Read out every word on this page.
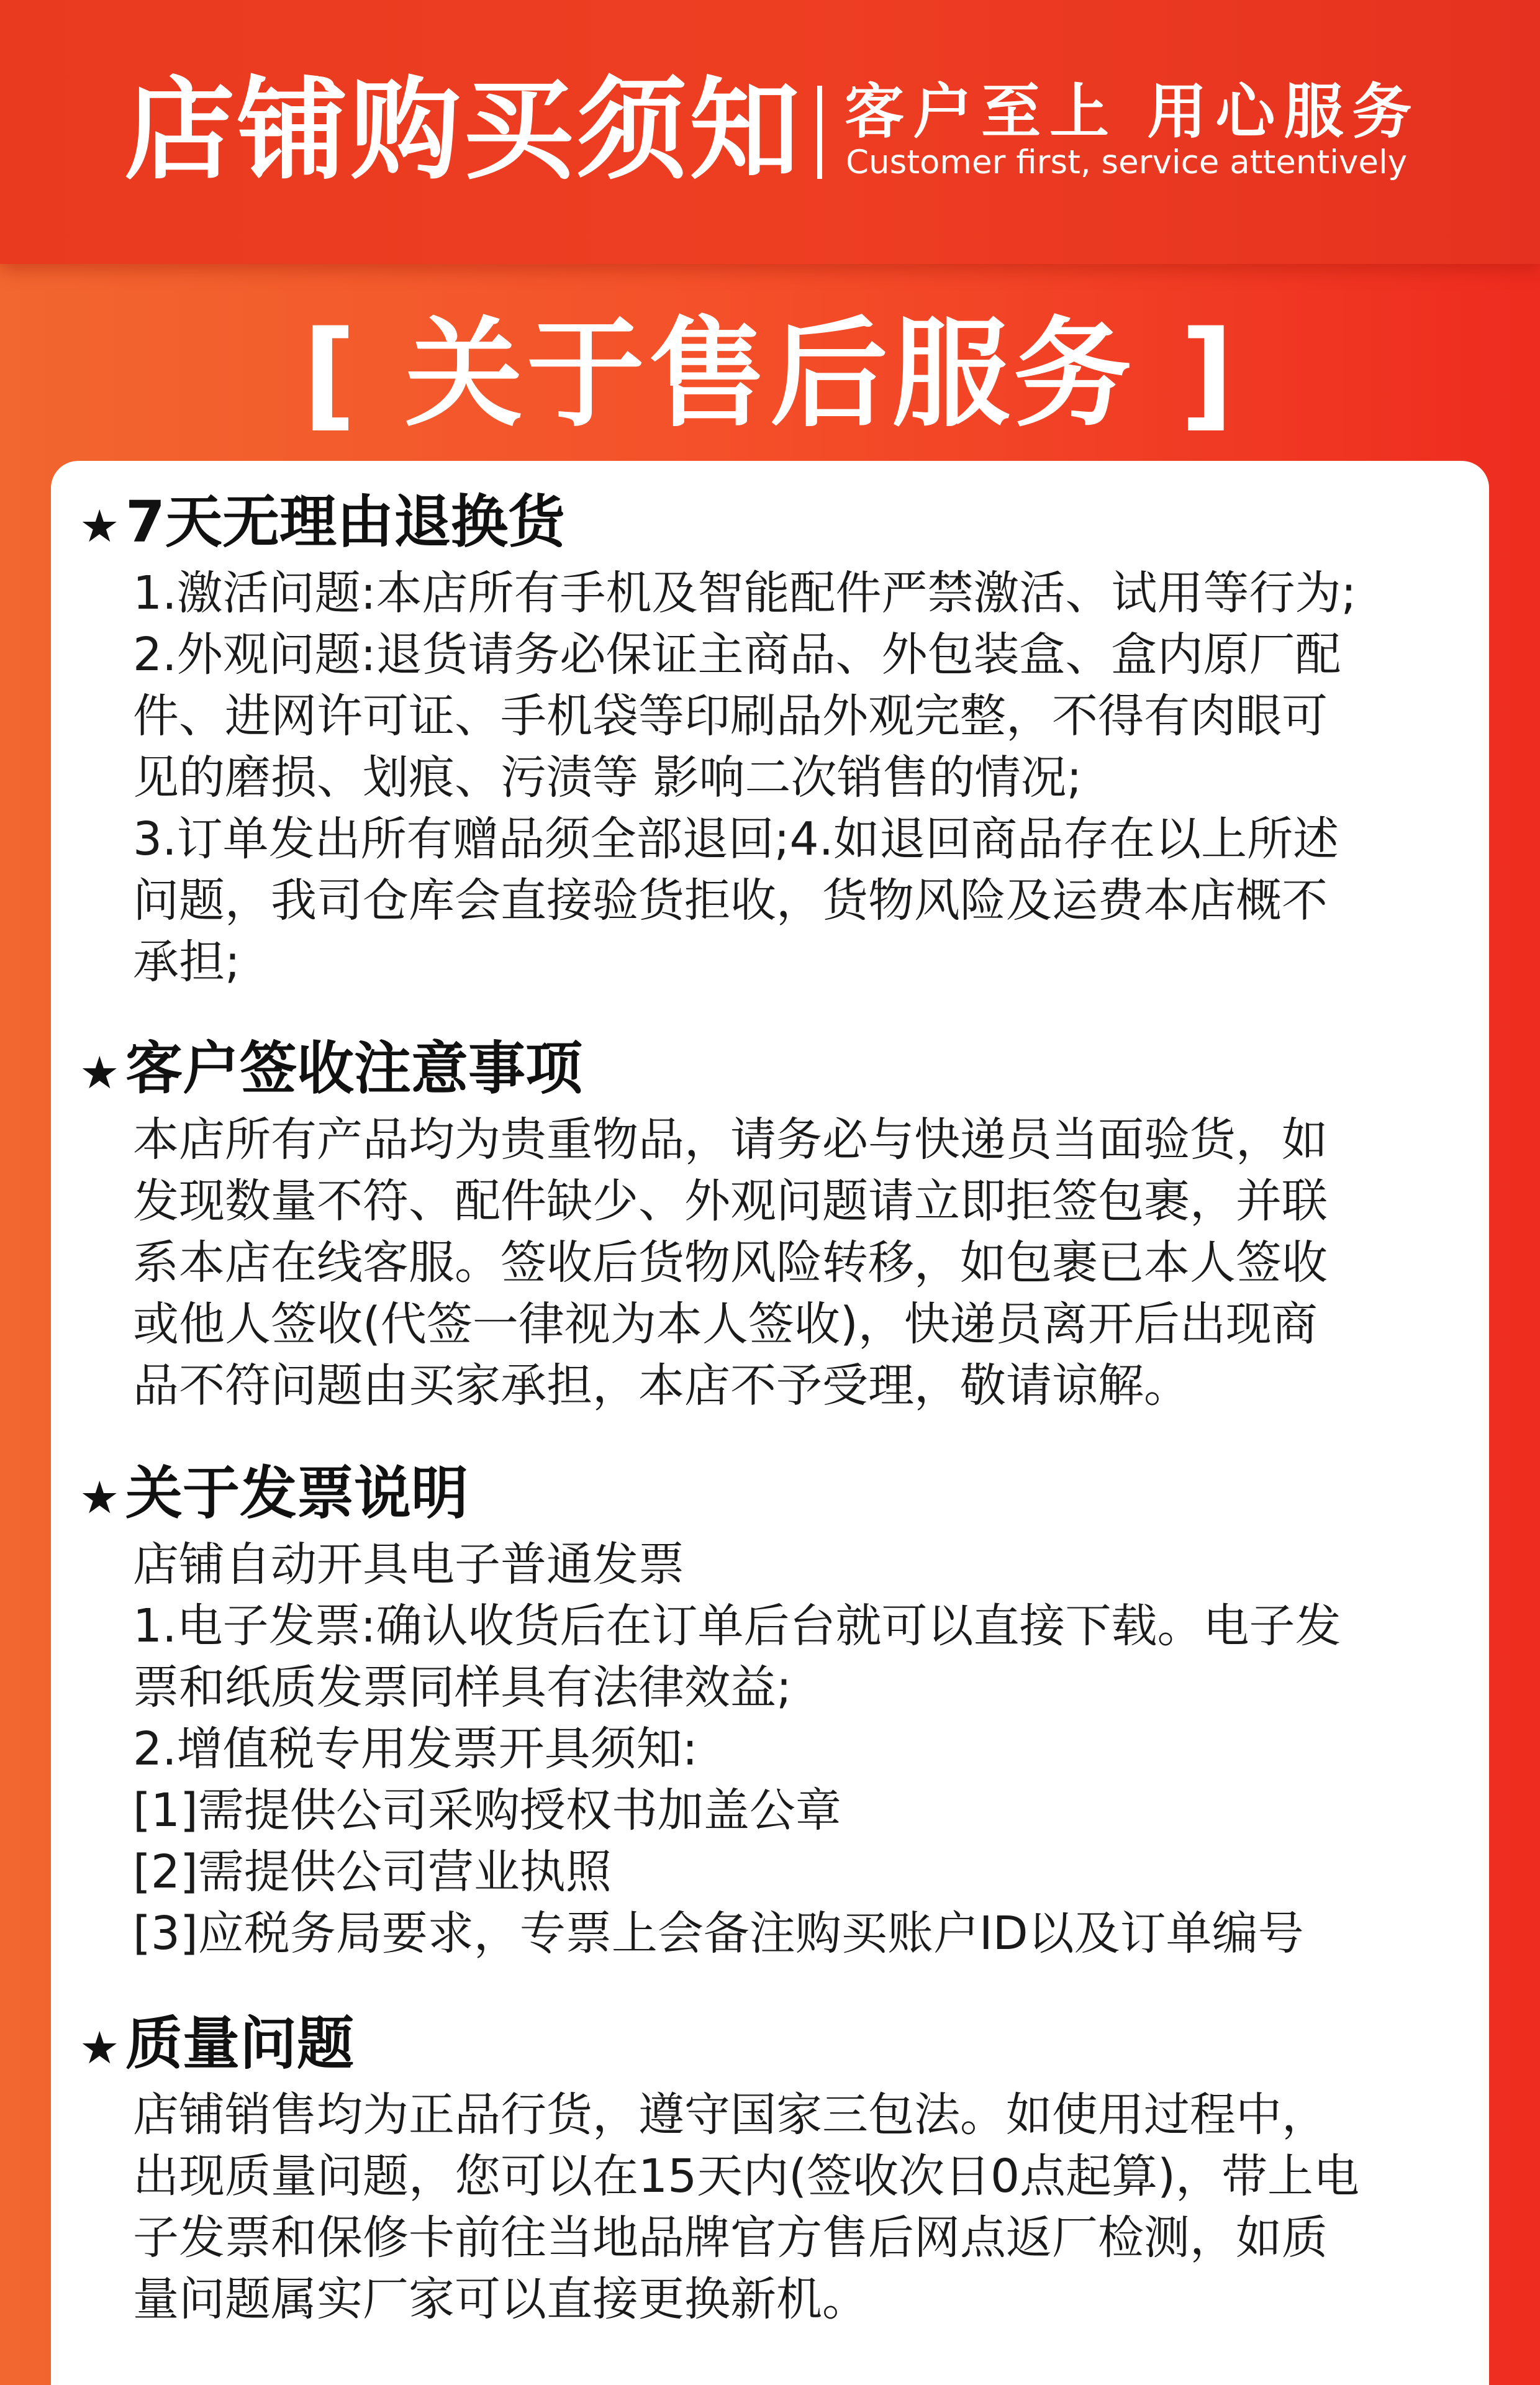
店铺购买须知 客户至上 用心服务
Customer first, service attentively
[ 关于售后服务 ]
★ 7天无理由退换货
1.激活问题:本店所有手机及智能配件严禁激活、试用等行为;
2.外观问题:退货请务必保证主商品、外包装盒、盒内原厂配
件、进网许可证、手机袋等印刷品外观完整，不得有肉眼可
见的磨损、划痕、污渍等 影响二次销售的情况;
3.订单发出所有赠品须全部退回;4.如退回商品存在以上所述
问题，我司仓库会直接验货拒收，货物风险及运费本店概不
承担;
★ 客户签收注意事项
本店所有产品均为贵重物品，请务必与快递员当面验货，如
发现数量不符、配件缺少、外观问题请立即拒签包裹，并联
系本店在线客服。签收后货物风险转移，如包裹已本人签收
或他人签收(代签一律视为本人签收)，快递员离开后出现商
品不符问题由买家承担，本店不予受理，敬请谅解。
★ 关于发票说明
店铺自动开具电子普通发票
1.电子发票:确认收货后在订单后台就可以直接下载。电子发
票和纸质发票同样具有法律效益;
2.增值税专用发票开具须知:
[1]需提供公司采购授权书加盖公章
[2]需提供公司营业执照
[3]应税务局要求，专票上会备注购买账户ID以及订单编号
★ 质量问题
店铺销售均为正品行货，遵守国家三包法。如使用过程中，
出现质量问题，您可以在15天内(签收次日0点起算)，带上电
子发票和保修卡前往当地品牌官方售后网点返厂检测，如质
量问题属实厂家可以直接更换新机。
